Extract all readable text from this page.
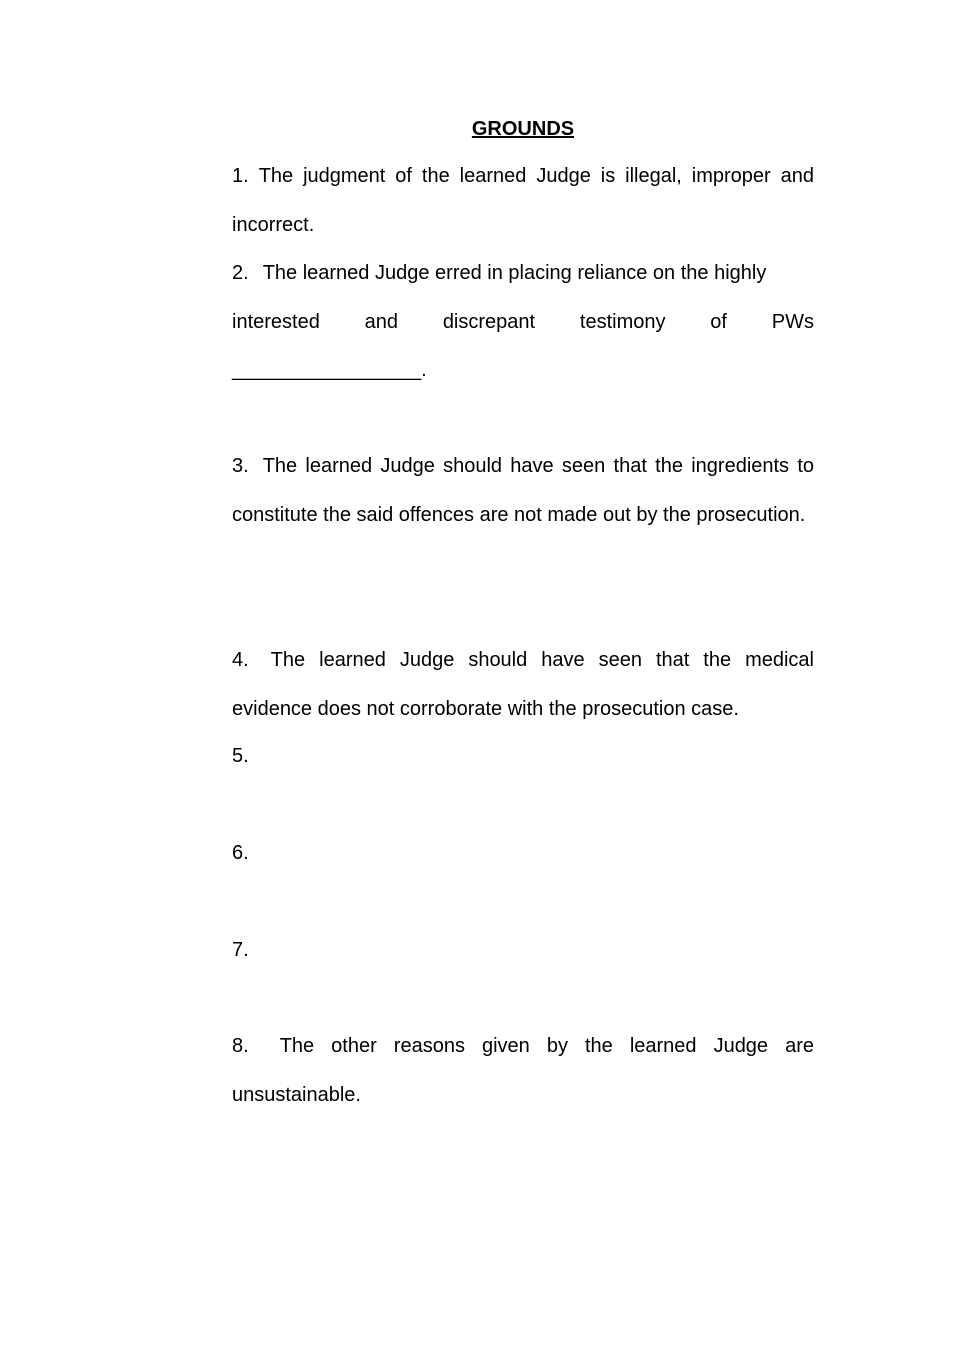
GROUNDS

1. The judgment of the learned Judge is illegal, improper and incorrect.

2. The learned Judge erred in placing reliance on the highly
interested and discrepant testimony of PWs
_________________.

3. The learned Judge should have seen that the ingredients to constitute the said offences are not made out by the prosecution.

4. The learned Judge should have seen that the medical evidence does not corroborate with the prosecution case.

5.

6.

7.

8. The other reasons given by the learned Judge are unsustainable.
